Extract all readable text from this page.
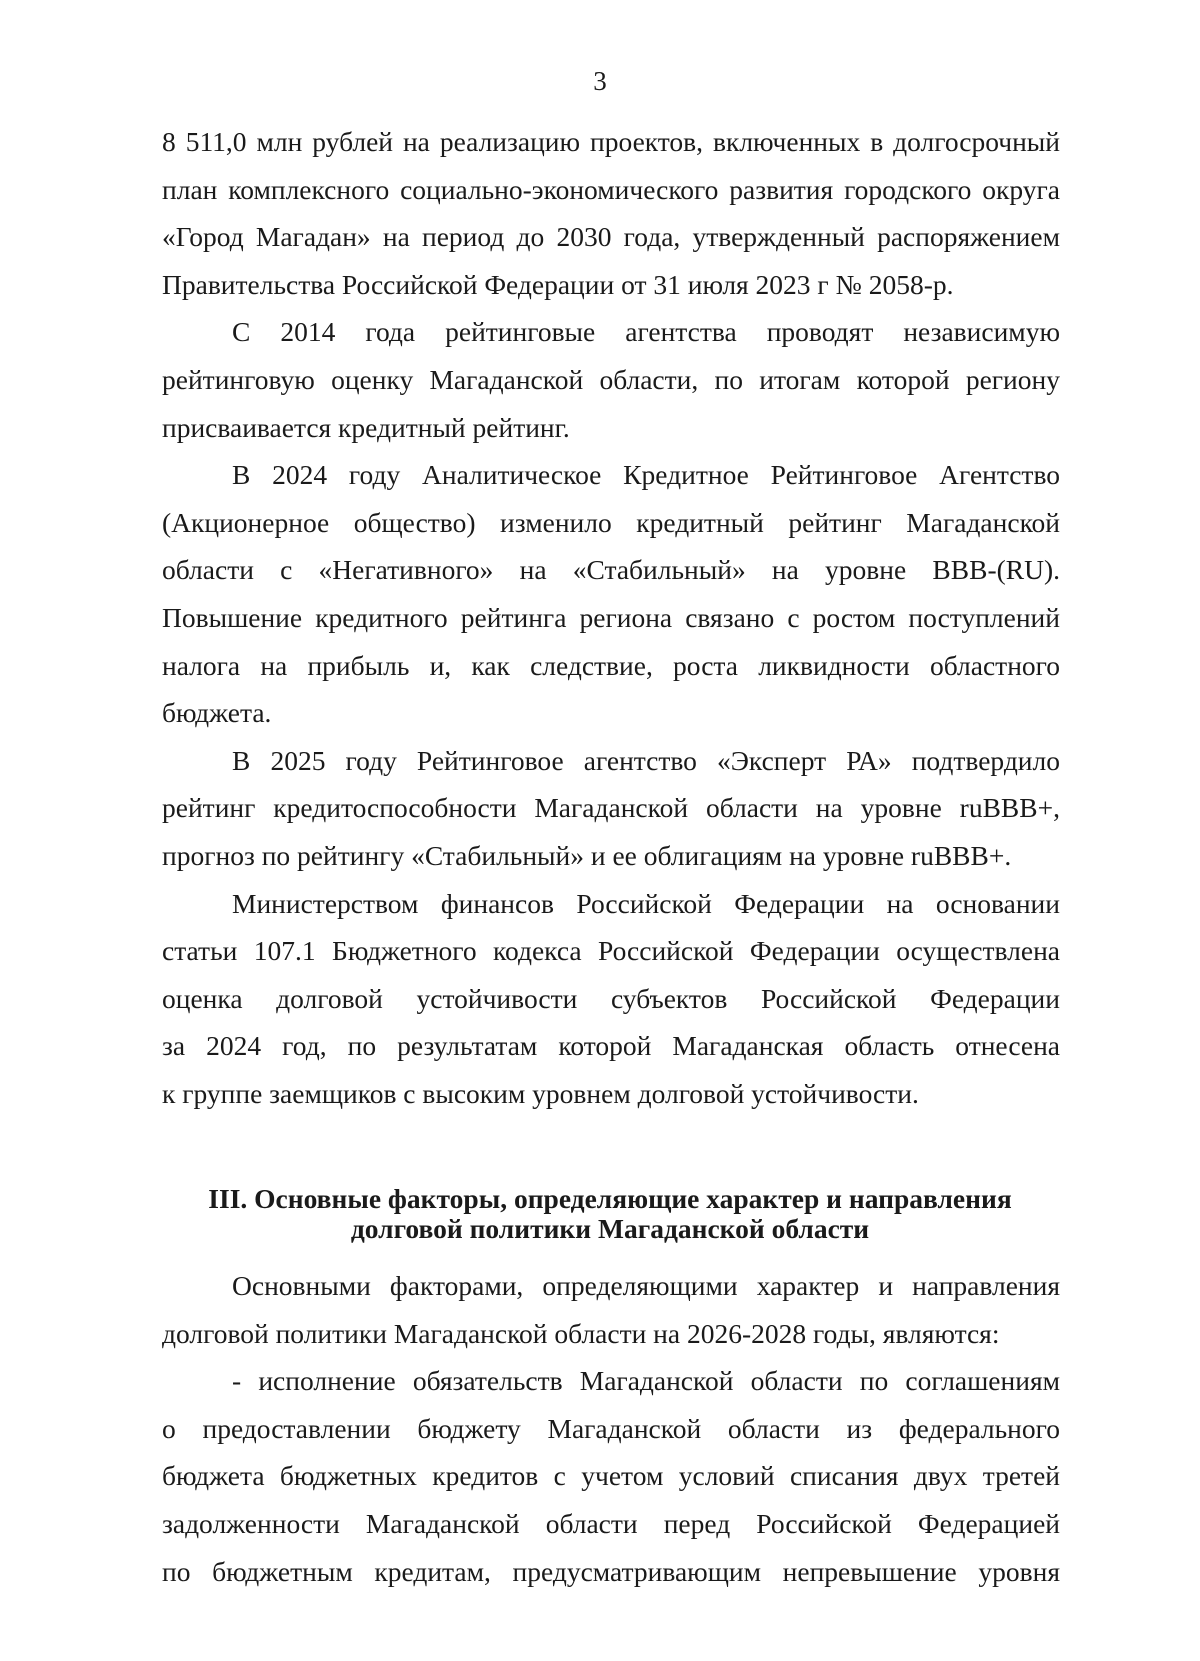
3
8 511,0 млн рублей на реализацию проектов, включенных в долгосрочный
план комплексного социально-экономического развития городского округа
«Город Магадан» на период до 2030 года, утвержденный распоряжением
Правительства Российской Федерации от 31 июля 2023 г № 2058-р.
С 2014 года рейтинговые агентства проводят независимую
рейтинговую оценку Магаданской области, по итогам которой региону
присваивается кредитный рейтинг.
В 2024 году Аналитическое Кредитное Рейтинговое Агентство
(Акционерное общество) изменило кредитный рейтинг Магаданской
области с «Негативного» на «Стабильный» на уровне BBB-(RU).
Повышение кредитного рейтинга региона связано с ростом поступлений
налога на прибыль и, как следствие, роста ликвидности областного
бюджета.
В 2025 году Рейтинговое агентство «Эксперт РА» подтвердило
рейтинг кредитоспособности Магаданской области на уровне ruBBB+,
прогноз по рейтингу «Стабильный» и ее облигациям на уровне ruBBB+.
Министерством финансов Российской Федерации на основании
статьи 107.1 Бюджетного кодекса Российской Федерации осуществлена
оценка долговой устойчивости субъектов Российской Федерации
за 2024 год, по результатам которой Магаданская область отнесена
к группе заемщиков с высоким уровнем долговой устойчивости.
III. Основные факторы, определяющие характер и направления
долговой политики Магаданской области
Основными факторами, определяющими характер и направления
долговой политики Магаданской области на 2026-2028 годы, являются:
- исполнение обязательств Магаданской области по соглашениям
о предоставлении бюджету Магаданской области из федерального
бюджета бюджетных кредитов с учетом условий списания двух третей
задолженности Магаданской области перед Российской Федерацией
по бюджетным кредитам, предусматривающим непревышение уровня
